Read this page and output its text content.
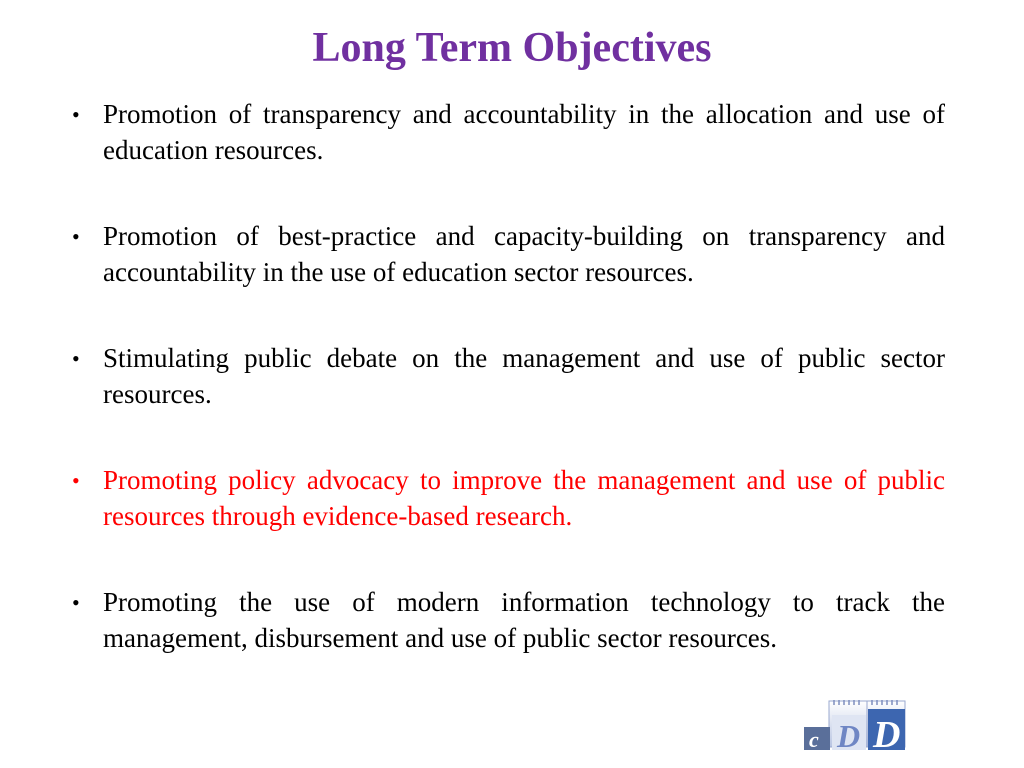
Long Term Objectives
• Promotion of transparency and accountability in the allocation and use of education resources.
• Promotion of best-practice and capacity-building on transparency and accountability in the use of education sector resources.
• Stimulating public debate on the management and use of public sector resources.
• Promoting policy advocacy to improve the management and use of public resources through evidence-based research.
• Promoting the use of modern information technology to track the management, disbursement and use of public sector resources.
c D D
